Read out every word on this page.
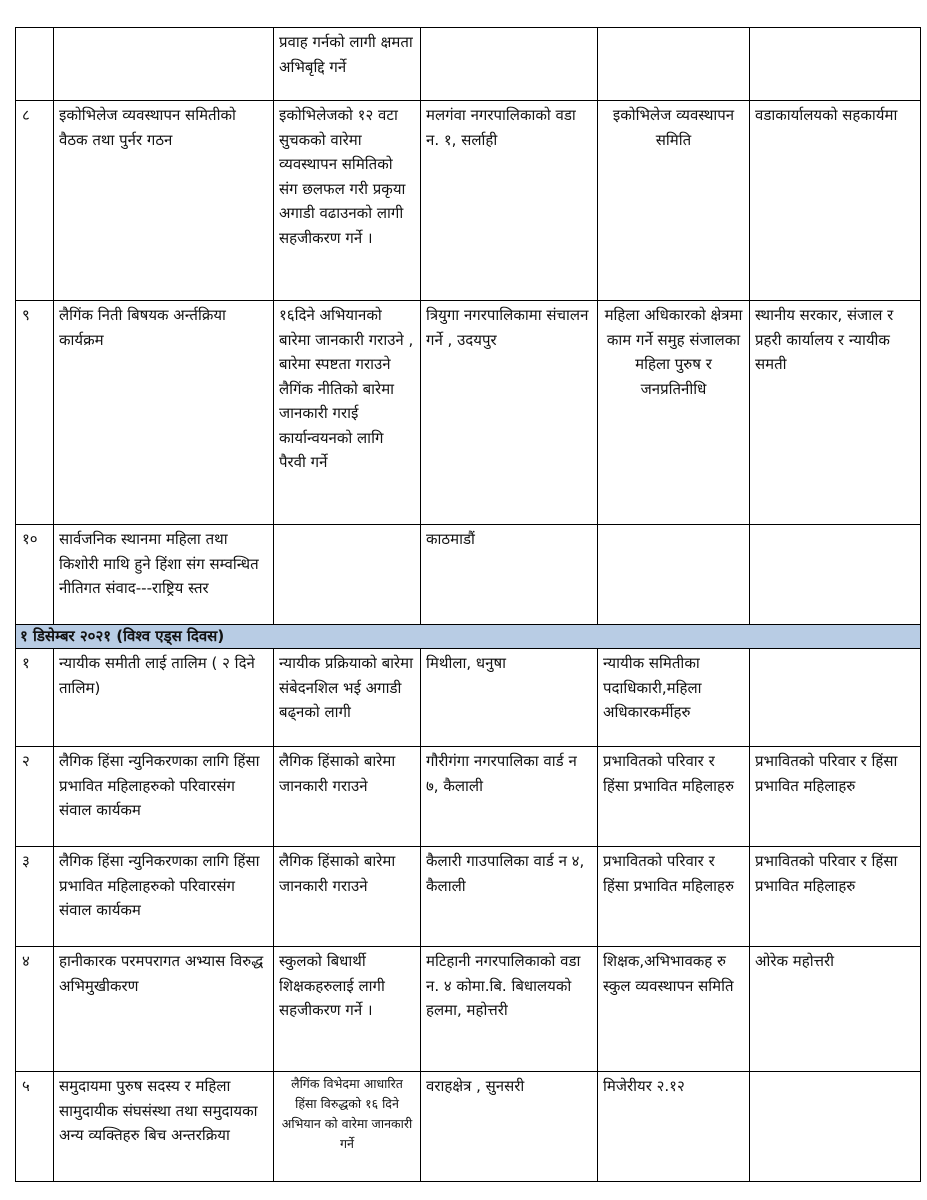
		प्रवाह गर्नको लागी क्षमता अभिबृद्दि गर्ने			
८	इकोभिलेज व्यवस्थापन समितीको वैठक तथा पुर्नर गठन	इकोभिलेजको १२ वटा सुचकको वारेमा व्यवस्थापन समितिको संग छलफल गरी प्रकृया अगाडी वढाउनको लागी सहजीकरण गर्ने ।	मलगंवा नगरपालिकाको वडा न. १, सर्लाही	इकोभिलेज व्यवस्थापन समिति	वडाकार्यालयको सहकार्यमा
९	लैगिंक निती बिषयक अर्न्तक्रिया कार्यक्रम	१६दिने अभियानको बारेमा जानकारी गराउने , बारेमा स्पष्टता गराउने लैगिंक नीतिको बारेमा जानकारी गराई कार्यान्वयनको लागि पैरवी गर्ने	त्रियुगा नगरपालिकामा संचालन गर्ने , उदयपुर	महिला अधिकारको क्षेत्रमा काम गर्ने समुह संजालका महिला पुरुष र जनप्रतिनीधि	स्थानीय सरकार, संजाल र प्रहरी कार्यालय र न्यायीक समती
१०	सार्वजनिक स्थानमा महिला तथा किशोरी माथि हुने हिंशा संग सम्वन्धित नीतिगत संवाद---राष्ट्रिय स्तर		काठमाडौं		
१ डिसेम्बर २०२१ (विश्व एड्स दिवस)					
१	न्यायीक समीती लाई तालिम ( २ दिने तालिम)	न्यायीक प्रक्रियाको बारेमा संबेदनशिल भई अगाडी बढ्नको लागी	मिथीला, धनुषा	न्यायीक समितीका पदाधिकारी,महिला अधिकारकर्मीहरु	
२	लैगिक हिंसा न्युनिकरणका लागि हिंसा प्रभावित महिलाहरुको परिवारसंग संवाल कार्यकम	लैगिक हिंसाको बारेमा जानकारी गराउने	गौरीगंगा नगरपालिका वार्ड न ७, कैलाली	प्रभावितको परिवार र हिंसा प्रभावित महिलाहरु	प्रभावितको परिवार र हिंसा प्रभावित महिलाहरु
३	लैगिक हिंसा न्युनिकरणका लागि हिंसा प्रभावित महिलाहरुको परिवारसंग संवाल कार्यकम	लैगिक हिंसाको बारेमा जानकारी गराउने	कैलारी गाउपालिका वार्ड न ४, कैलाली	प्रभावितको परिवार र हिंसा प्रभावित महिलाहरु	प्रभावितको परिवार र हिंसा प्रभावित महिलाहरु
४	हानीकारक परमपरागत अभ्यास विरुद्ध अभिमुखीकरण	स्कुलको बिधार्थी शिक्षकहरुलाई लागी सहजीकरण गर्ने ।	मटिहानी नगरपालिकाको वडा न. ४ कोमा.बि. बिधालयको हलमा, महोत्तरी	शिक्षक,अभिभावकह रु स्कुल व्यवस्थापन समिति	ओरेक महोत्तरी
५	समुदायमा पुरुष सदस्य र महिला सामुदायीक संघसंस्था तथा समुदायका अन्य व्यक्तिहरु बिच अन्तरक्रिया	लैगिंक विभेदमा आधारित हिंसा विरुद्धको १६ दिने अभियान को वारेमा जानकारी गर्ने	वराहक्षेत्र , सुनसरी	मिजेरीयर २.१२	
